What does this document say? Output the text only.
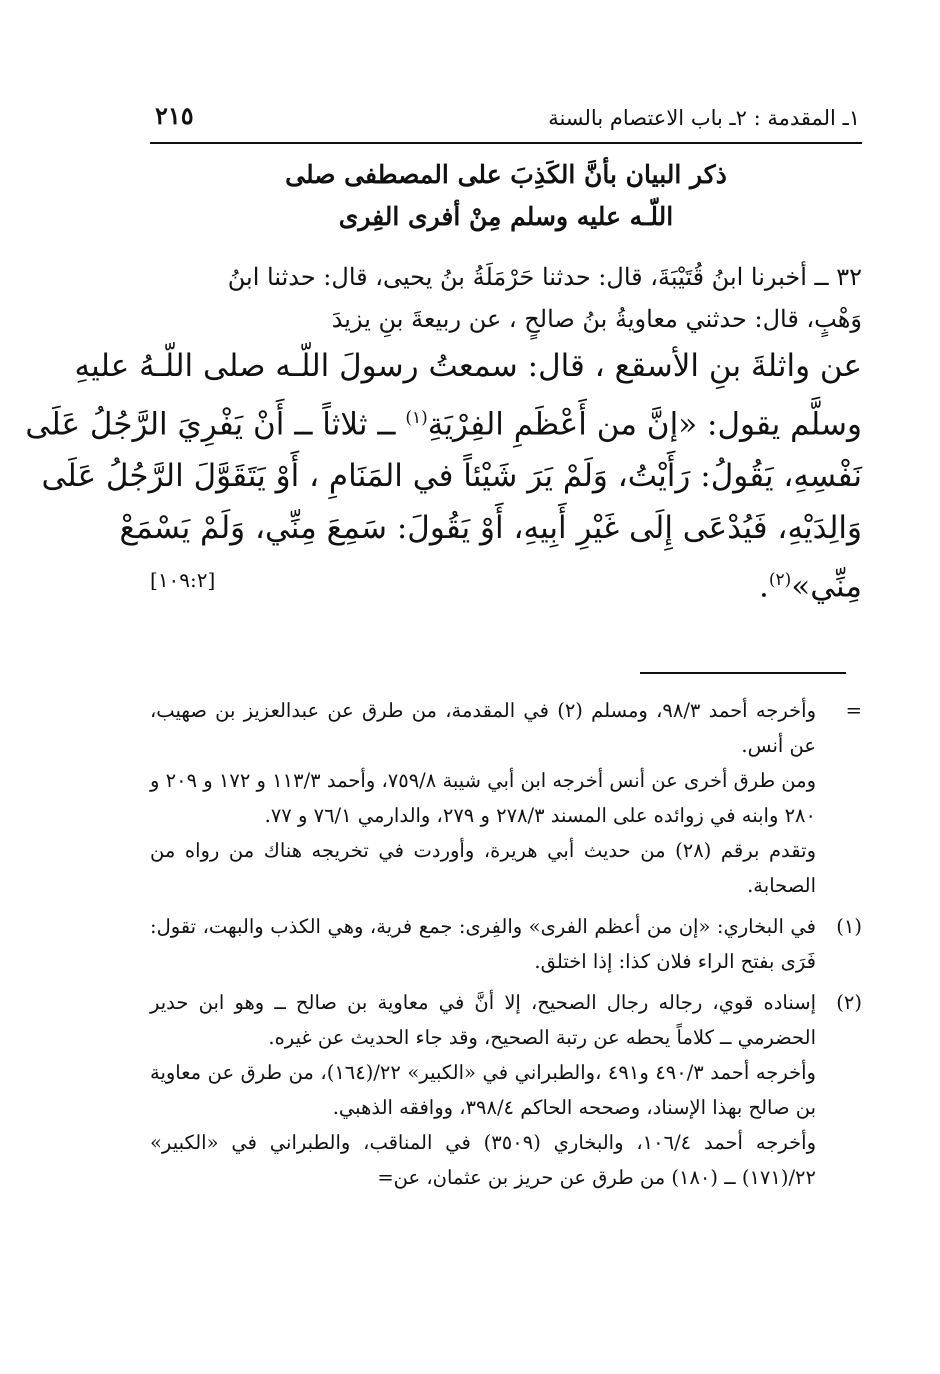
١ـ المقدمة : ٢ـ باب الاعتصام بالسنة
٢١٥
ذكر البيان بأنَّ الكَذِبَ على المصطفى صلى
اللّـه عليه وسلم مِنْ أفرى الفِرى

٣٢ ــ أخبرنا ابنُ قُتَيْبَةَ، قال: حدثنا حَرْمَلَةُ بنُ يحيى، قال: حدثنا ابنُ

وَهْبٍ، قال: حدثني معاويةُ بنُ صالحٍ ، عن ربيعةَ بنِ يزيدَ

عن واثلةَ بنِ الأسقع ، قال: سمعتُ رسولَ اللّـه صلى اللّـهُ عليهِ

وسلَّم يقول: «إنَّ من أَعْظَمِ الفِرْيَةِ$^{(١)}$ ــ ثلاثاً ــ أَنْ يَفْرِيَ الرَّجُلُ عَلَى

نَفْسِهِ، يَقُولُ: رَأَيْتُ، وَلَمْ يَرَ شَيْئاً في المَنَامِ ، أَوْ يَتَقَوَّلَ الرَّجُلُ عَلَى

وَالِدَيْهِ، فَيُدْعَى إِلَى غَيْرِ أَبِيهِ، أَوْ يَقُولَ: سَمِعَ مِنِّي، وَلَمْ يَسْمَعْ

مِنِّي»$^{(٢)}$.
[١٠٩:٢]

=

وأخرجه أحمد ٩٨/٣، ومسلم (٢) في المقدمة، من طرق عن عبدالعزيز بن صهيب، عن أنس.

ومن طرق أخرى عن أنس أخرجه ابن أبي شيبة ٧٥٩/٨، وأحمد ١١٣/٣ و ١٧٢ و ٢٠٩ و ٢٨٠ وابنه في زوائده على المسند ٢٧٨/٣ و ٢٧٩، والدارمي ٧٦/١ و ٧٧.

وتقدم برقم (٢٨) من حديث أبي هريرة، وأوردت في تخريجه هناك من رواه من الصحابة.

(١)

في البخاري: «إن من أعظم الفرى» والفِرى: جمع فرية، وهي الكذب والبهت، تقول: فَرَى بفتح الراء فلان كذا: إذا اختلق.

(٢)

إسناده قوي، رجاله رجال الصحيح، إلا أنَّ في معاوية بن صالح ــ وهو ابن حدير الحضرمي ــ كلاماً يحطه عن رتبة الصحيح، وقد جاء الحديث عن غيره.

وأخرجه أحمد ٤٩٠/٣ و٤٩١ ،والطبراني في «الكبير» ٢٢/(١٦٤)، من طرق عن معاوية بن صالح بهذا الإسناد، وصححه الحاكم ٣٩٨/٤، ووافقه الذهبي.

وأخرجه أحمد ١٠٦/٤، والبخاري (٣٥٠٩) في المناقب، والطبراني في «الكبير» ٢٢/(١٧١) ــ (١٨٠) من طرق عن حريز بن عثمان، عن=
